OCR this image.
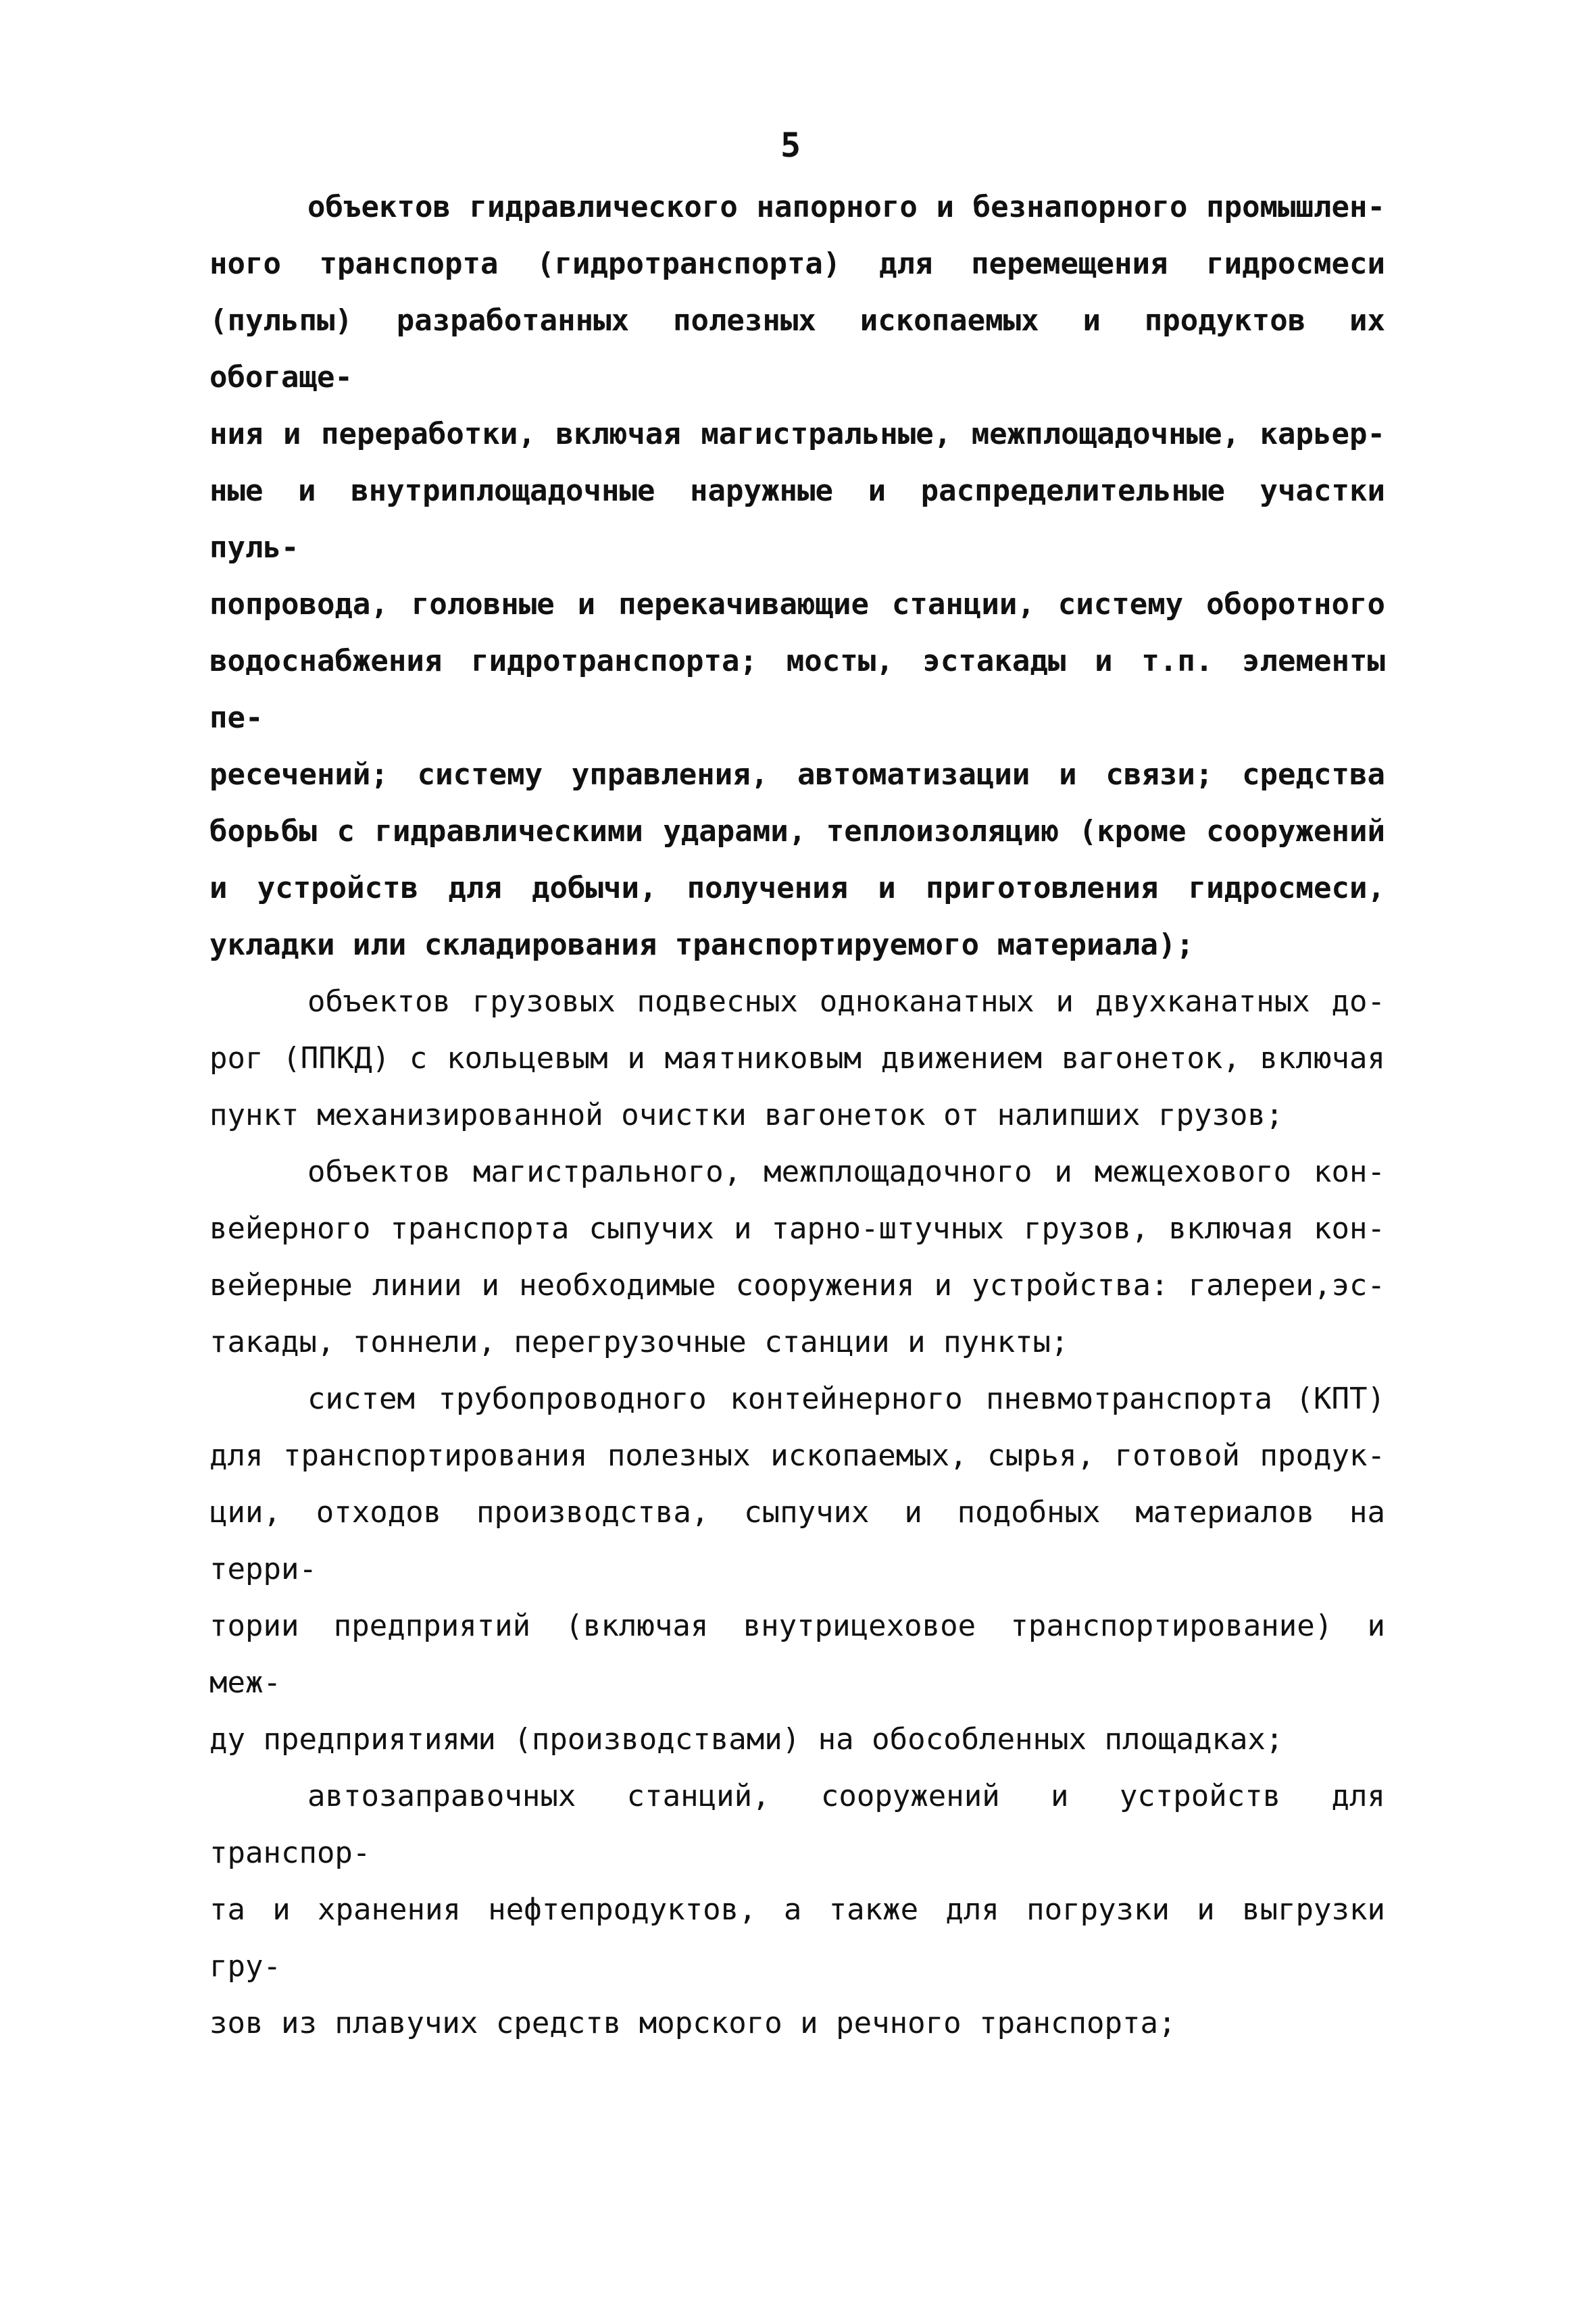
5

объектов гидравлического напорного и безнапорного промышлен-
ного транспорта (гидротранспорта) для перемещения гидросмеси
(пульпы) разработанных полезных ископаемых и продуктов их обогаще-
ния и переработки, включая магистральные, межплощадочные, карьер-
ные и внутриплощадочные наружные и распределительные участки пуль-
попровода, головные и перекачивающие станции, систему оборотного
водоснабжения гидротранспорта; мосты, эстакады и т.п. элементы пе-
ресечений; систему управления, автоматизации и связи; средства
борьбы с гидравлическими ударами, теплоизоляцию (кроме сооружений
и устройств для добычи, получения и приготовления гидросмеси,
укладки или складирования транспортируемого материала);

объектов грузовых подвесных одноканатных и двухканатных до-
рог (ППКД) с кольцевым и маятниковым движением вагонеток, включая
пункт механизированной очистки вагонеток от налипших грузов;

объектов магистрального, межплощадочного и межцехового кон-
вейерного транспорта сыпучих и тарно-штучных грузов, включая кон-
вейерные линии и необходимые сооружения и устройства: галереи,эс-
такады, тоннели, перегрузочные станции и пункты;

систем трубопроводного контейнерного пневмотранспорта (КПТ)
для транспортирования полезных ископаемых, сырья, готовой продук-
ции, отходов производства, сыпучих и подобных материалов на терри-
тории предприятий (включая внутрицеховое транспортирование) и меж-
ду предприятиями (производствами) на обособленных площадках;

автозаправочных станций, сооружений и устройств для транспор-
та и хранения нефтепродуктов, а также для погрузки и выгрузки гру-
зов из плавучих средств морского и речного транспорта;
